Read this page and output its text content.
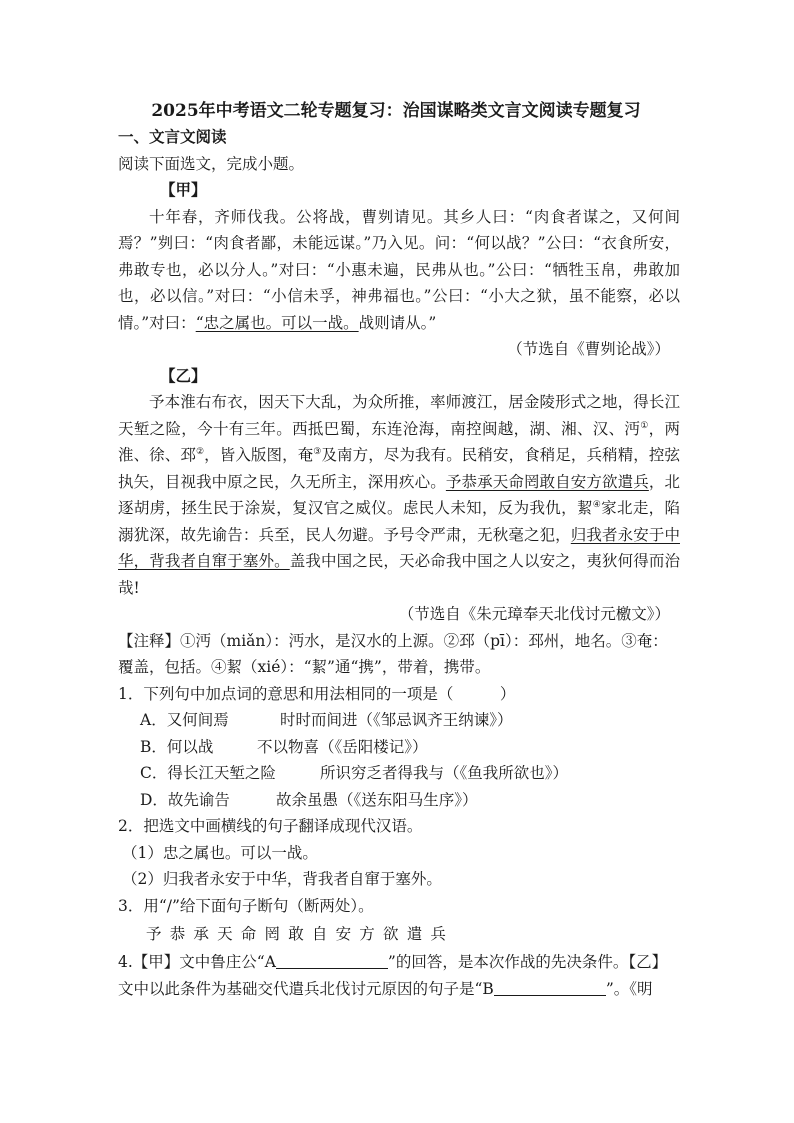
2025年中考语文二轮专题复习：治国谋略类文言文阅读专题复习
一、文言文阅读
阅读下面选文，完成小题。
【甲】
十年春，齐师伐我。公将战，曹刿请见。其乡人曰：“肉食者谋之，又何间焉？”刿曰：“肉食者鄙，未能远谋。”乃入见。问：“何以战？”公曰：“衣食所安，弗敢专也，必以分人。”对曰：“小惠未遍，民弗从也。”公曰：“牺牲玉帛，弗敢加也，必以信。”对曰：“小信未孚，神弗福也。”公曰：“小大之狱，虽不能察，必以情。”对曰：“忠之属也。可以一战。战则请从。”
（节选自《曹刿论战》）
【乙】
予本淮右布衣，因天下大乱，为众所推，率师渡江，居金陵形式之地，得长江天堑之险，今十有三年。西抵巴蜀，东连沧海，南控闽越，湖、湘、汉、沔①，两淮、徐、邳②，皆入版图，奄③及南方，尽为我有。民稍安，食稍足，兵稍精，控弦执矢，目视我中原之民，久无所主，深用疚心。予恭承天命罔敢自安方欲遣兵，北逐胡虏，拯生民于涂炭，复汉官之威仪。虑民人未知，反为我仇，絜④家北走，陷溺犹深，故先谕告：兵至，民人勿避。予号令严肃，无秋毫之犯，归我者永安于中华，背我者自窜于塞外。盖我中国之民，天必命我中国之人以安之，夷狄何得而治哉!
（节选自《朱元璋奉天北伐讨元檄文》）
【注释】①沔（miǎn）：沔水，是汉水的上源。②邳（pī）：邳州，地名。③奄：
覆盖，包括。④絜（xié）：“絜”通“携”，带着，携带。
1．下列句中加点词的意思和用法相同的一项是（　　　）
A．又何间焉	时时而间进（《邹忌讽齐王纳谏》）
B．何以战	不以物喜（《岳阳楼记》）
C．得长江天堑之险	所识穷乏者得我与（《鱼我所欲也》）
D．故先谕告	故余虽愚（《送东阳马生序》）
2．把选文中画横线的句子翻译成现代汉语。
（1）忠之属也。可以一战。
（2）归我者永安于中华，背我者自窜于塞外。
3．用“/”给下面句子断句（断两处）。
予恭承天命罔敢自安方欲遣兵
4.【甲】文中鲁庄公“A	”的回答，是本次作战的先决条件。【乙】
文中以此条件为基础交代遣兵北伐讨元原因的句子是“B	”。《明
